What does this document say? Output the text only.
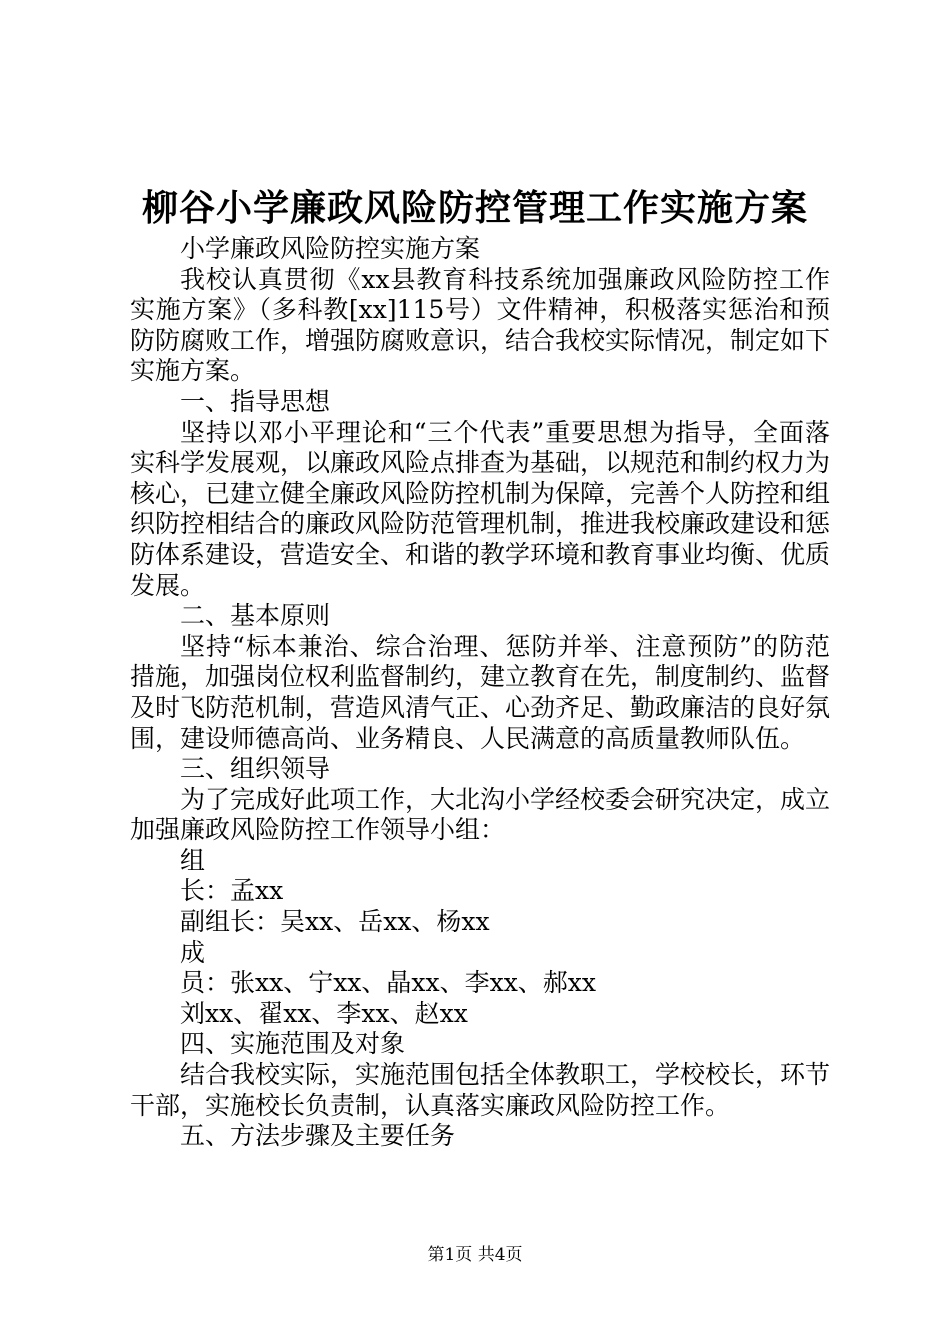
柳谷小学廉政风险防控管理工作实施方案

小学廉政风险防控实施方案

我校认真贯彻《xx县教育科技系统加强廉政风险防控工作实施方案》（多科教[xx]115号）文件精神，积极落实惩治和预防防腐败工作，增强防腐败意识，结合我校实际情况，制定如下实施方案。

一、指导思想

坚持以邓小平理论和“三个代表”重要思想为指导，全面落实科学发展观，以廉政风险点排查为基础，以规范和制约权力为核心，已建立健全廉政风险防控机制为保障，完善个人防控和组织防控相结合的廉政风险防范管理机制，推进我校廉政建设和惩防体系建设，营造安全、和谐的教学环境和教育事业均衡、优质发展。

二、基本原则

坚持“标本兼治、综合治理、惩防并举、注意预防”的防范措施，加强岗位权利监督制约，建立教育在先，制度制约、监督及时飞防范机制，营造风清气正、心劲齐足、勤政廉洁的良好氛围，建设师德高尚、业务精良、人民满意的高质量教师队伍。

三、组织领导

为了完成好此项工作，大北沟小学经校委会研究决定，成立加强廉政风险防控工作领导小组：

组

长：孟xx

副组长：吴xx、岳xx、杨xx

成

员：张xx、宁xx、晶xx、李xx、郝xx

刘xx、翟xx、李xx、赵xx

四、实施范围及对象

结合我校实际，实施范围包括全体教职工，学校校长，环节干部，实施校长负责制，认真落实廉政风险防控工作。

五、方法步骤及主要任务

第1页 共4页
